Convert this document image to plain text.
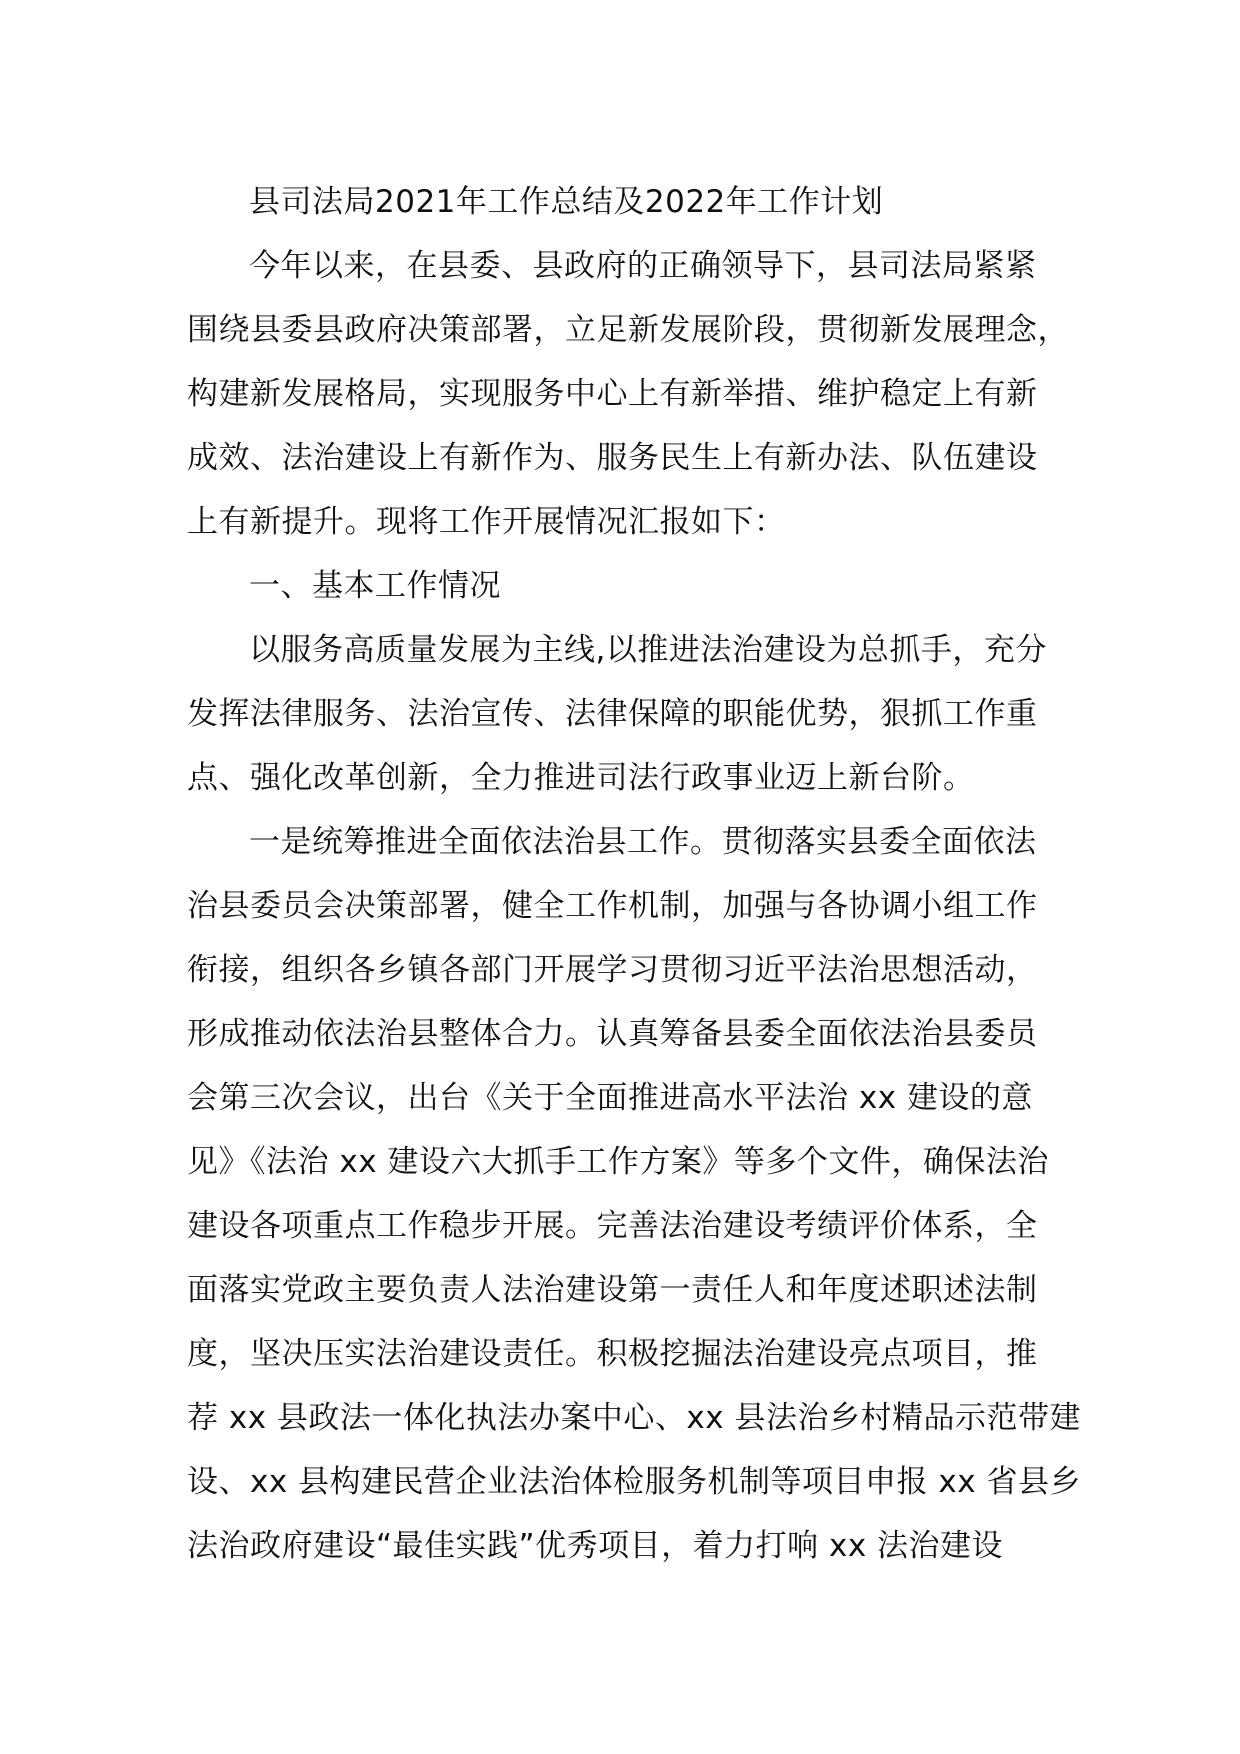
县司法局2021年工作总结及2022年工作计划
今年以来，在县委、县政府的正确领导下，县司法局紧紧
围绕县委县政府决策部署，立足新发展阶段，贯彻新发展理念，
构建新发展格局，实现服务中心上有新举措、维护稳定上有新
成效、法治建设上有新作为、服务民生上有新办法、队伍建设
上有新提升。现将工作开展情况汇报如下：
一、基本工作情况
以服务高质量发展为主线,以推进法治建设为总抓手，充分
发挥法律服务、法治宣传、法律保障的职能优势，狠抓工作重
点、强化改革创新，全力推进司法行政事业迈上新台阶。
一是统筹推进全面依法治县工作。贯彻落实县委全面依法
治县委员会决策部署，健全工作机制，加强与各协调小组工作
衔接，组织各乡镇各部门开展学习贯彻习近平法治思想活动，
形成推动依法治县整体合力。认真筹备县委全面依法治县委员
会第三次会议，出台《关于全面推进高水平法治 xx 建设的意
见》《法治 xx 建设六大抓手工作方案》等多个文件，确保法治
建设各项重点工作稳步开展。完善法治建设考绩评价体系，全
面落实党政主要负责人法治建设第一责任人和年度述职述法制
度，坚决压实法治建设责任。积极挖掘法治建设亮点项目，推
荐 xx 县政法一体化执法办案中心、xx 县法治乡村精品示范带建
设、xx 县构建民营企业法治体检服务机制等项目申报 xx 省县乡
法治政府建设“最佳实践”优秀项目，着力打响 xx 法治建设
